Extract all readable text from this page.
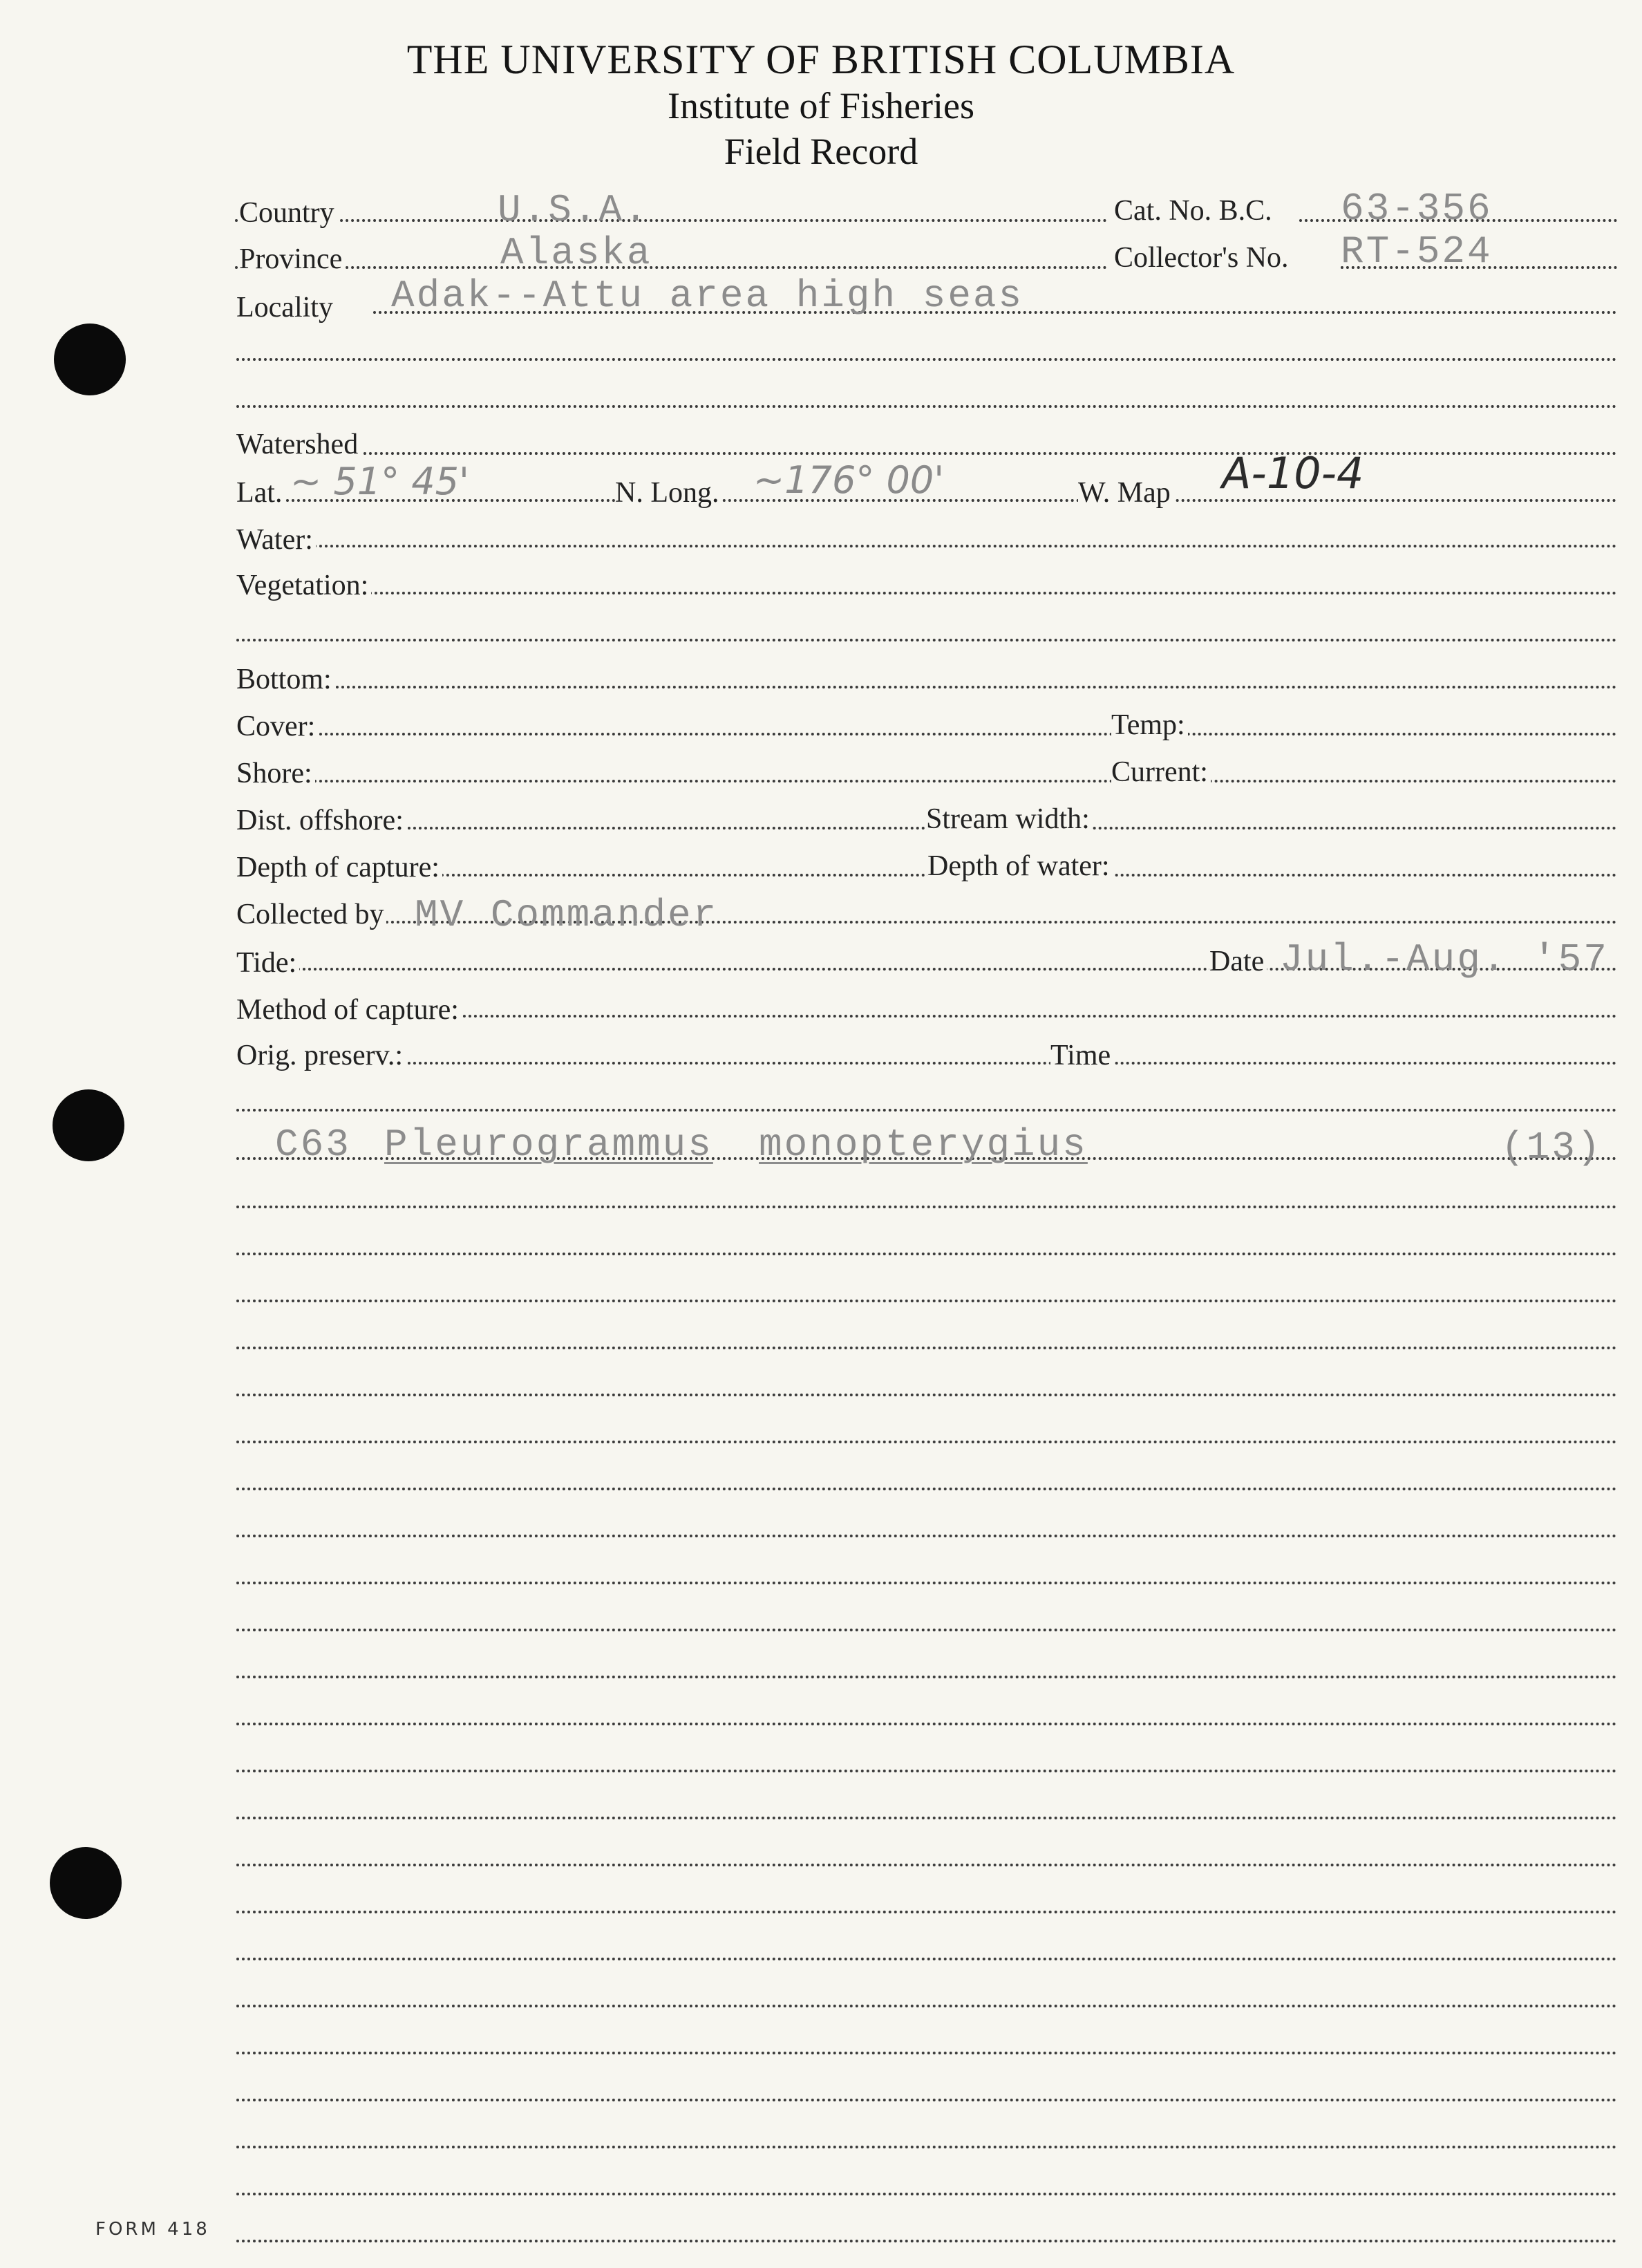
THE UNIVERSITY OF BRITISH COLUMBIA
Institute of Fisheries
Field Record
Country	U.S.A.	Cat. No. B.C. 63-356
Province	Alaska	Collector's No. RT-524
Locality Adak--Attu area high seas
Watershed
Lat. ~ 51° 45'	N. Long. ~176° 00'	W. Map A-10-4
Water:
Vegetation:
Bottom:
Cover:	Temp:
Shore:	Current:
Dist. offshore:	Stream width:
Depth of capture:	Depth of water:
Collected by MV Commander
Tide:	Date Jul.-Aug. '57
Method of capture:
Orig. preserv.:	Time
C63 Pleurogrammus monopterygius	(13)
FORM 418
